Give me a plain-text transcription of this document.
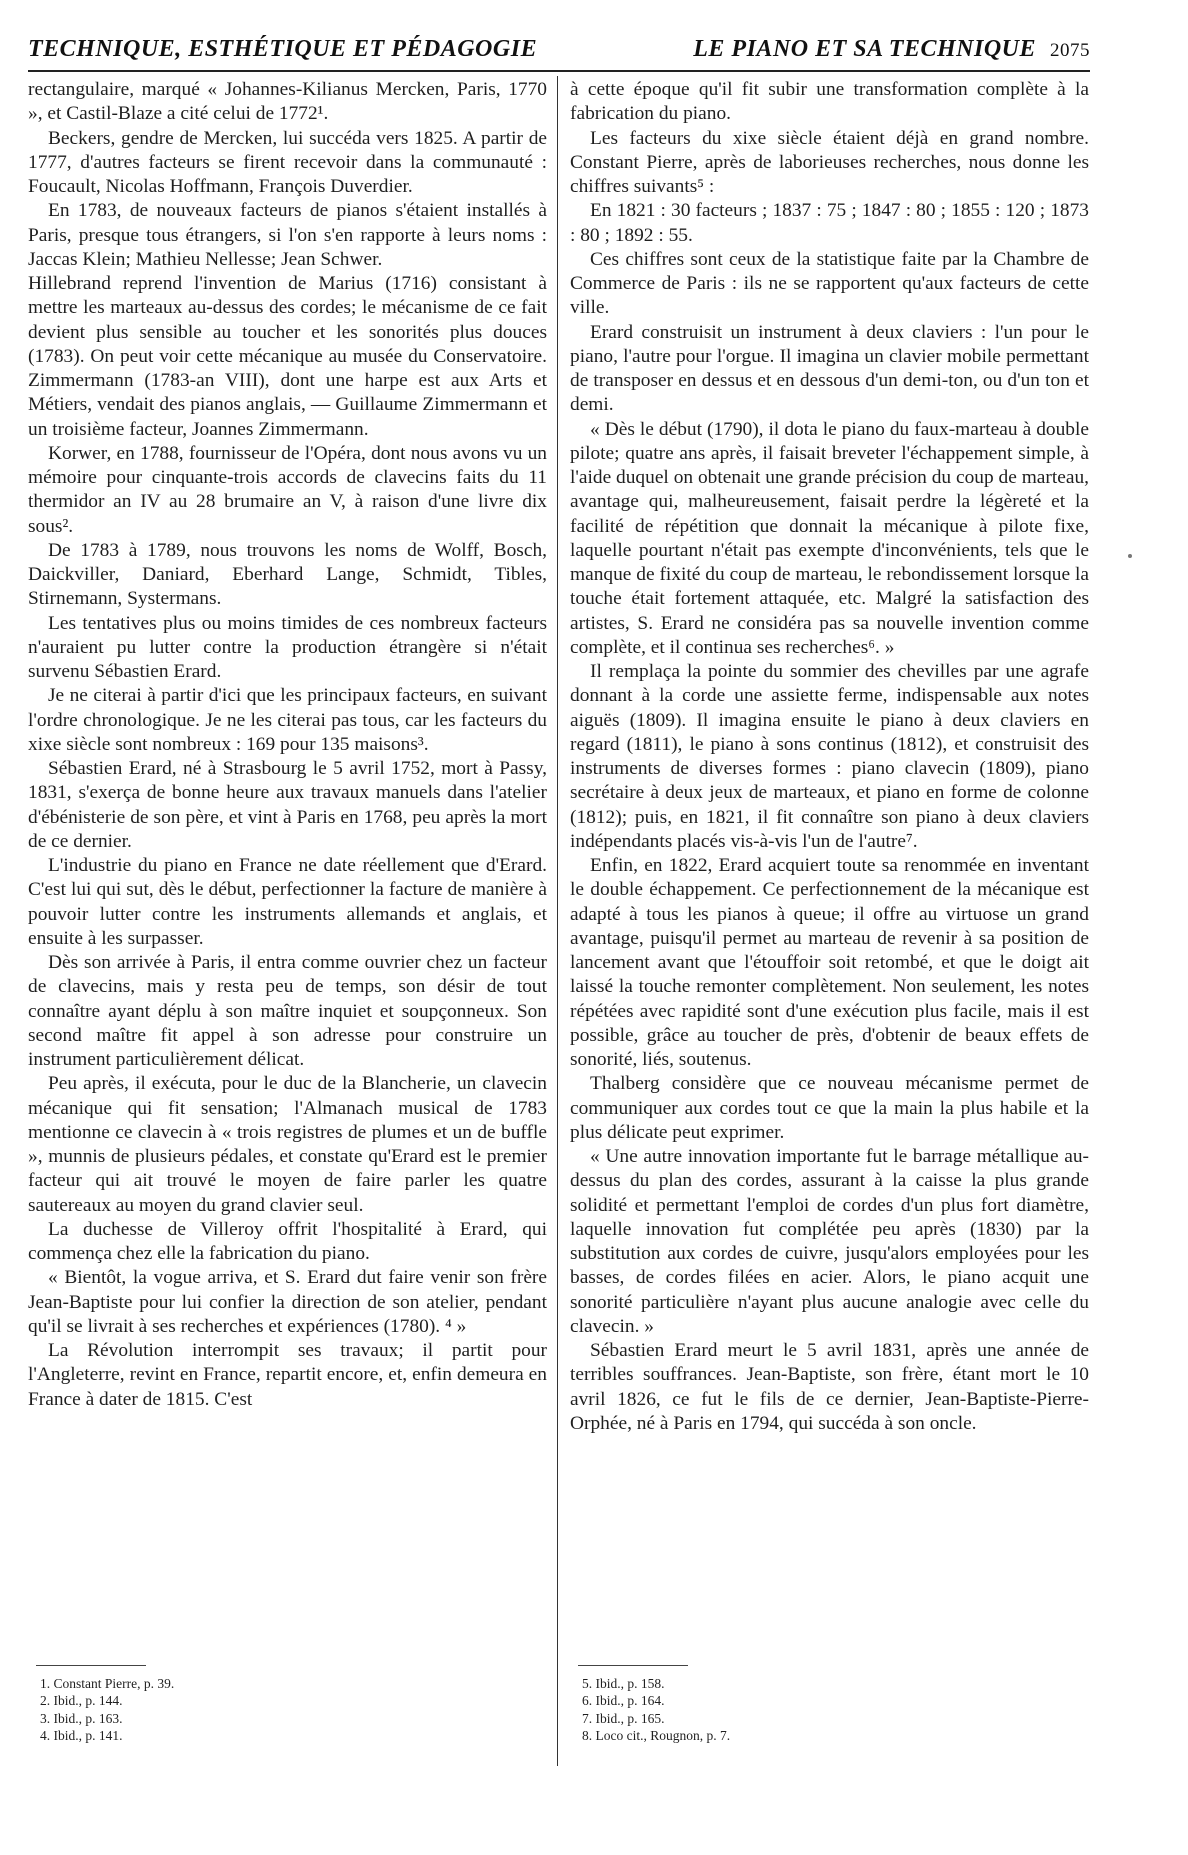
TECHNIQUE, ESTHÉTIQUE ET PÉDAGOGIE	LE PIANO ET SA TECHNIQUE 2075

rectangulaire, marqué « Johannes-Kilianus Mercken, Paris, 1770 », et Castil-Blaze a cité celui de 1772¹.

Beckers, gendre de Mercken, lui succéda vers 1825. A partir de 1777, d'autres facteurs se firent recevoir dans la communauté : Foucault, Nicolas Hoffmann, François Duverdier.

En 1783, de nouveaux facteurs de pianos s'étaient installés à Paris, presque tous étrangers, si l'on s'en rapporte à leurs noms : Jaccas Klein; Mathieu Nellesse; Jean Schwer.

Hillebrand reprend l'invention de Marius (1716) consistant à mettre les marteaux au-dessus des cordes; le mécanisme de ce fait devient plus sensible au toucher et les sonorités plus douces (1783). On peut voir cette mécanique au musée du Conservatoire. Zimmermann (1783-an VIII), dont une harpe est aux Arts et Métiers, vendait des pianos anglais, — Guillaume Zimmermann et un troisième facteur, Joannes Zimmermann.

Korwer, en 1788, fournisseur de l'Opéra, dont nous avons vu un mémoire pour cinquante-trois accords de clavecins faits du 11 thermidor an IV au 28 brumaire an V, à raison d'une livre dix sous².

De 1783 à 1789, nous trouvons les noms de Wolff, Bosch, Daickviller, Daniard, Eberhard Lange, Schmidt, Tibles, Stirnemann, Systermans.

Les tentatives plus ou moins timides de ces nombreux facteurs n'auraient pu lutter contre la production étrangère si n'était survenu Sébastien Erard.

Je ne citerai à partir d'ici que les principaux facteurs, en suivant l'ordre chronologique. Je ne les citerai pas tous, car les facteurs du xixe siècle sont nombreux : 169 pour 135 maisons³.

Sébastien Erard, né à Strasbourg le 5 avril 1752, mort à Passy, 1831, s'exerça de bonne heure aux travaux manuels dans l'atelier d'ébénisterie de son père, et vint à Paris en 1768, peu après la mort de ce dernier.

L'industrie du piano en France ne date réellement que d'Erard. C'est lui qui sut, dès le début, perfectionner la facture de manière à pouvoir lutter contre les instruments allemands et anglais, et ensuite à les surpasser.

Dès son arrivée à Paris, il entra comme ouvrier chez un facteur de clavecins, mais y resta peu de temps, son désir de tout connaître ayant déplu à son maître inquiet et soupçonneux. Son second maître fit appel à son adresse pour construire un instrument particulièrement délicat.

Peu après, il exécuta, pour le duc de la Blancherie, un clavecin mécanique qui fit sensation; l'Almanach musical de 1783 mentionne ce clavecin à « trois registres de plumes et un de buffle », munnis de plusieurs pédales, et constate qu'Erard est le premier facteur qui ait trouvé le moyen de faire parler les quatre sautereaux au moyen du grand clavier seul.

La duchesse de Villeroy offrit l'hospitalité à Erard, qui commença chez elle la fabrication du piano.

« Bientôt, la vogue arriva, et S. Erard dut faire venir son frère Jean-Baptiste pour lui confier la direction de son atelier, pendant qu'il se livrait à ses recherches et expériences (1780). ⁴ »

La Révolution interrompit ses travaux; il partit pour l'Angleterre, revint en France, repartit encore, et, enfin demeura en France à dater de 1815. C'est

à cette époque qu'il fit subir une transformation complète à la fabrication du piano.

Les facteurs du xixe siècle étaient déjà en grand nombre. Constant Pierre, après de laborieuses recherches, nous donne les chiffres suivants⁵ :

En 1821 : 30 facteurs ; 1837 : 75 ; 1847 : 80 ; 1855 : 120 ; 1873 : 80 ; 1892 : 55.

Ces chiffres sont ceux de la statistique faite par la Chambre de Commerce de Paris : ils ne se rapportent qu'aux facteurs de cette ville.

Erard construisit un instrument à deux claviers : l'un pour le piano, l'autre pour l'orgue. Il imagina un clavier mobile permettant de transposer en dessus et en dessous d'un demi-ton, ou d'un ton et demi.

« Dès le début (1790), il dota le piano du faux-marteau à double pilote; quatre ans après, il faisait breveter l'échappement simple, à l'aide duquel on obtenait une grande précision du coup de marteau, avantage qui, malheureusement, faisait perdre la légèreté et la facilité de répétition que donnait la mécanique à pilote fixe, laquelle pourtant n'était pas exempte d'inconvénients, tels que le manque de fixité du coup de marteau, le rebondissement lorsque la touche était fortement attaquée, etc. Malgré la satisfaction des artistes, S. Erard ne considéra pas sa nouvelle invention comme complète, et il continua ses recherches⁶. »

Il remplaça la pointe du sommier des chevilles par une agrafe donnant à la corde une assiette ferme, indispensable aux notes aiguës (1809). Il imagina ensuite le piano à deux claviers en regard (1811), le piano à sons continus (1812), et construisit des instruments de diverses formes : piano clavecin (1809), piano secrétaire à deux jeux de marteaux, et piano en forme de colonne (1812); puis, en 1821, il fit connaître son piano à deux claviers indépendants placés vis-à-vis l'un de l'autre⁷.

Enfin, en 1822, Erard acquiert toute sa renommée en inventant le double échappement. Ce perfectionnement de la mécanique est adapté à tous les pianos à queue; il offre au virtuose un grand avantage, puisqu'il permet au marteau de revenir à sa position de lancement avant que l'étouffoir soit retombé, et que le doigt ait laissé la touche remonter complètement. Non seulement, les notes répétées avec rapidité sont d'une exécution plus facile, mais il est possible, grâce au toucher de près, d'obtenir de beaux effets de sonorité, liés, soutenus.

Thalberg considère que ce nouveau mécanisme permet de communiquer aux cordes tout ce que la main la plus habile et la plus délicate peut exprimer.

« Une autre innovation importante fut le barrage métallique au-dessus du plan des cordes, assurant à la caisse la plus grande solidité et permettant l'emploi de cordes d'un plus fort diamètre, laquelle innovation fut complétée peu après (1830) par la substitution aux cordes de cuivre, jusqu'alors employées pour les basses, de cordes filées en acier. Alors, le piano acquit une sonorité particulière n'ayant plus aucune analogie avec celle du clavecin. »

Sébastien Erard meurt le 5 avril 1831, après une année de terribles souffrances. Jean-Baptiste, son frère, étant mort le 10 avril 1826, ce fut le fils de ce dernier, Jean-Baptiste-Pierre-Orphée, né à Paris en 1794, qui succéda à son oncle.

1. Constant Pierre, p. 39.
2. Ibid., p. 144.
3. Ibid., p. 163.
4. Ibid., p. 141.
5. Ibid., p. 158.
6. Ibid., p. 164.
7. Ibid., p. 165.
8. Loco cit., Rougnon, p. 7.
